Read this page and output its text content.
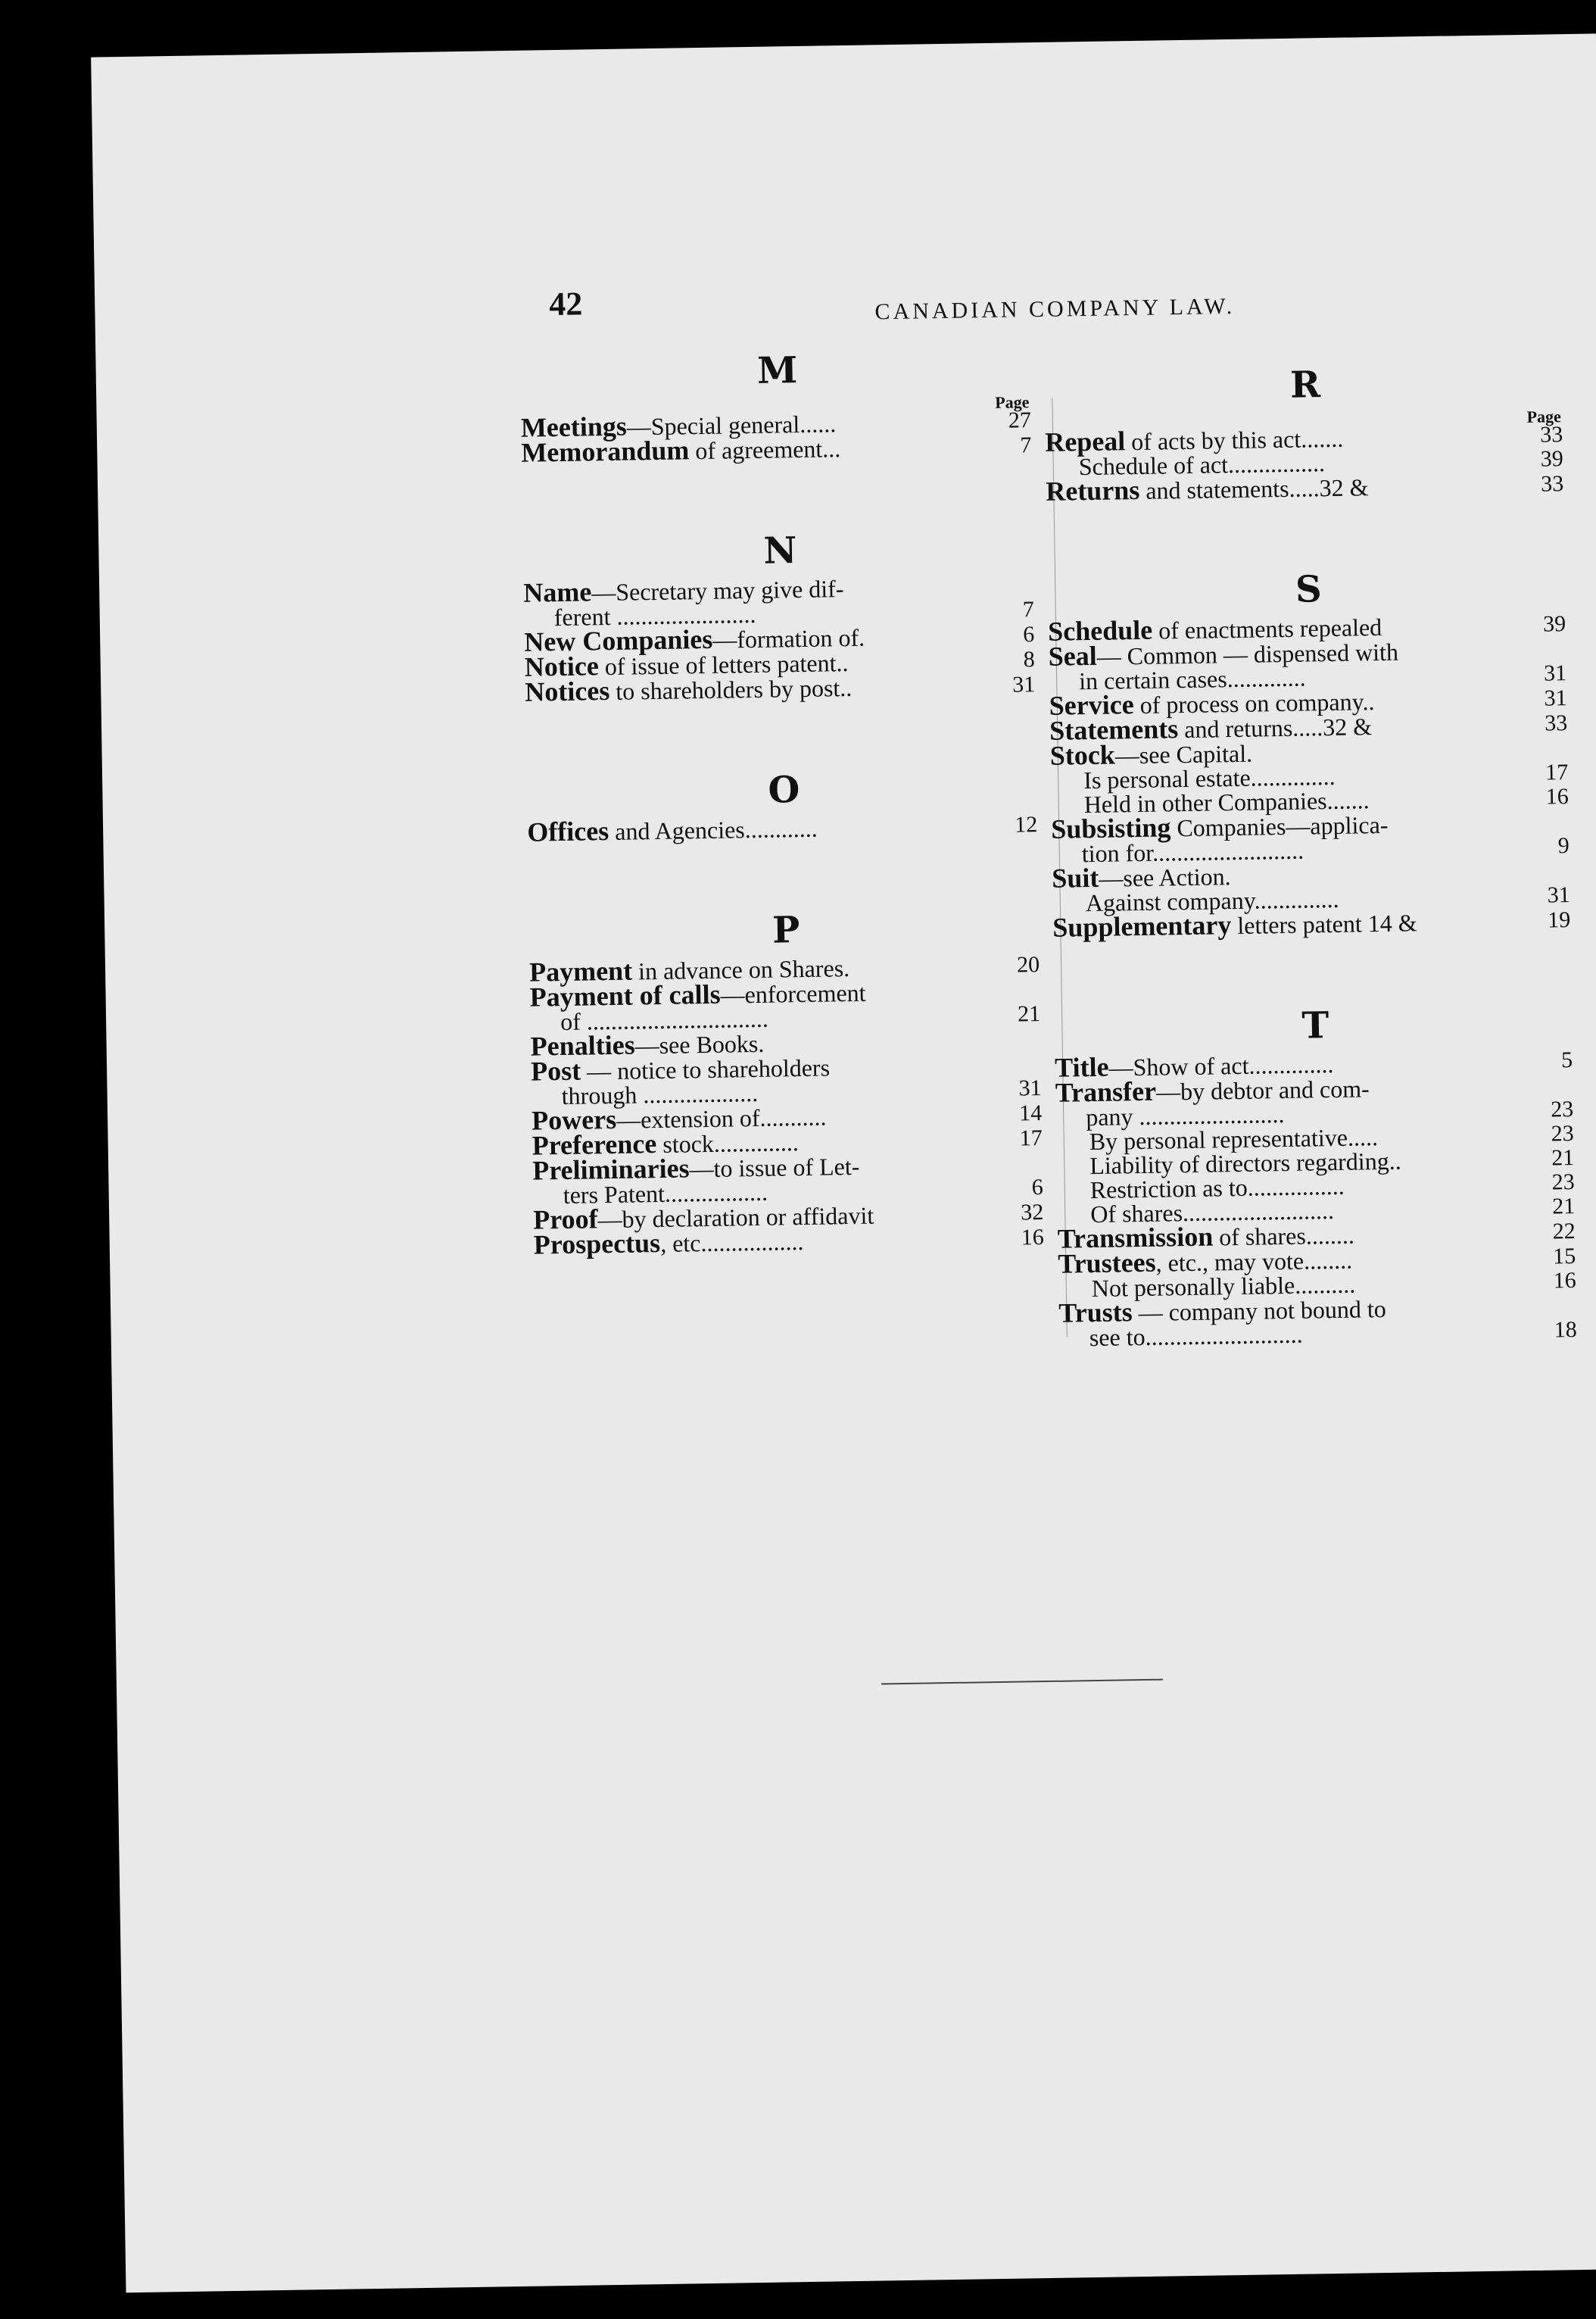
42	CANADIAN COMPANY LAW.
M
Page
Meetings—Special general......	27
Memorandum of agreement...	7
N
Name—Secretary may give dif-
ferent .......................	7
New Companies—formation of.	6
Notice of issue of letters patent..	8
Notices to shareholders by post..	31
O
Offices and Agencies............	12
P
Payment in advance on Shares.	20
Payment of calls—enforcement
of ..............................	21
Penalties—see Books.
Post — notice to shareholders
through ...................	31
Powers—extension of...........	14
Preference stock..............	17
Preliminaries—to issue of Let-
ters Patent.................	6
Proof—by declaration or affidavit	32
Prospectus, etc.................	16
R
Page
Repeal of acts by this act.......	33
Schedule of act................	39
Returns and statements.....32 &	33
S
Schedule of enactments repealed	39
Seal— Common — dispensed with
in certain cases.............	31
Service of process on company..	31
Statements and returns.....32 &	33
Stock—see Capital.
Is personal estate..............	17
Held in other Companies.......	16
Subsisting Companies—applica-
tion for.........................	9
Suit—see Action.
Against company..............	31
Supplementary letters patent 14 &	19
T
Title—Show of act..............	5
Transfer—by debtor and com-
pany ........................	23
By personal representative.....	23
Liability of directors regarding..	21
Restriction as to................	23
Of shares.........................	21
Transmission of shares........	22
Trustees, etc., may vote........	15
Not personally liable..........	16
Trusts — company not bound to
see to..........................	18
